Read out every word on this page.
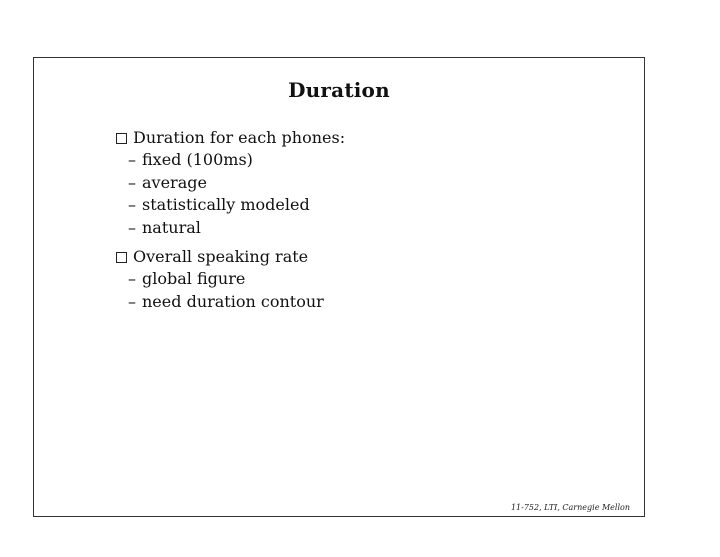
Duration
Duration for each phones:
– fixed (100ms)
– average
– statistically modeled
– natural
Overall speaking rate
– global figure
– need duration contour
11-752, LTI, Carnegie Mellon
